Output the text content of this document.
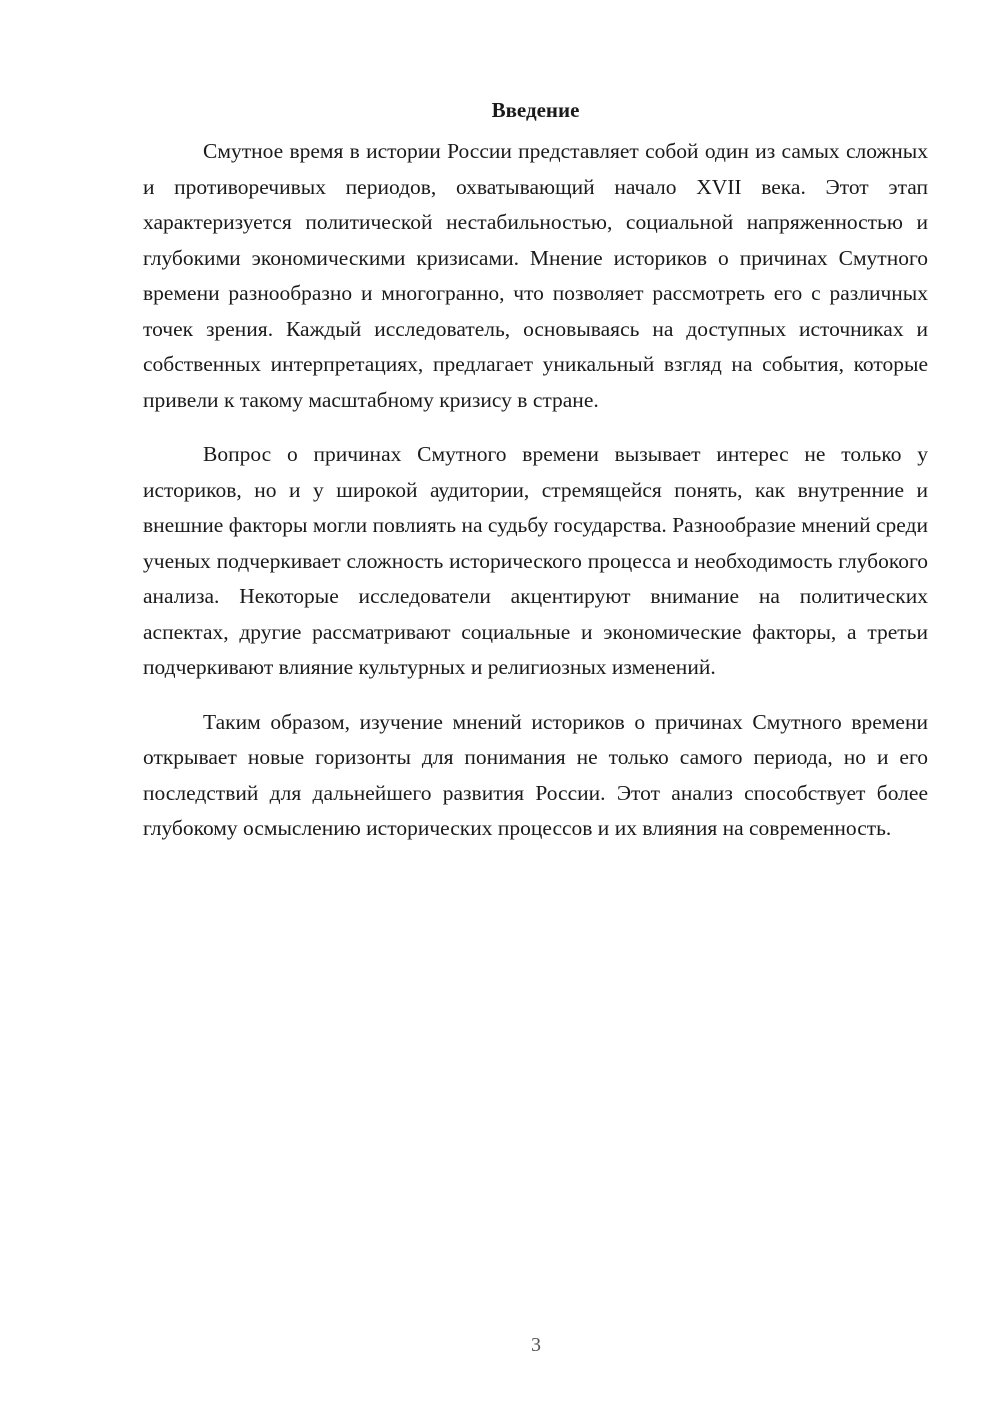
Введение

Смутное время в истории России представляет собой один из самых сложных и противоречивых периодов, охватывающий начало XVII века. Этот этап характеризуется политической нестабильностью, социальной напряженностью и глубокими экономическими кризисами. Мнение историков о причинах Смутного времени разнообразно и многогранно, что позволяет рассмотреть его с различных точек зрения. Каждый исследователь, основываясь на доступных источниках и собственных интерпретациях, предлагает уникальный взгляд на события, которые привели к такому масштабному кризису в стране.

Вопрос о причинах Смутного времени вызывает интерес не только у историков, но и у широкой аудитории, стремящейся понять, как внутренние и внешние факторы могли повлиять на судьбу государства. Разнообразие мнений среди ученых подчеркивает сложность исторического процесса и необходимость глубокого анализа. Некоторые исследователи акцентируют внимание на политических аспектах, другие рассматривают социальные и экономические факторы, а третьи подчеркивают влияние культурных и религиозных изменений.

Таким образом, изучение мнений историков о причинах Смутного времени открывает новые горизонты для понимания не только самого периода, но и его последствий для дальнейшего развития России. Этот анализ способствует более глубокому осмыслению исторических процессов и их влияния на современность.

3
